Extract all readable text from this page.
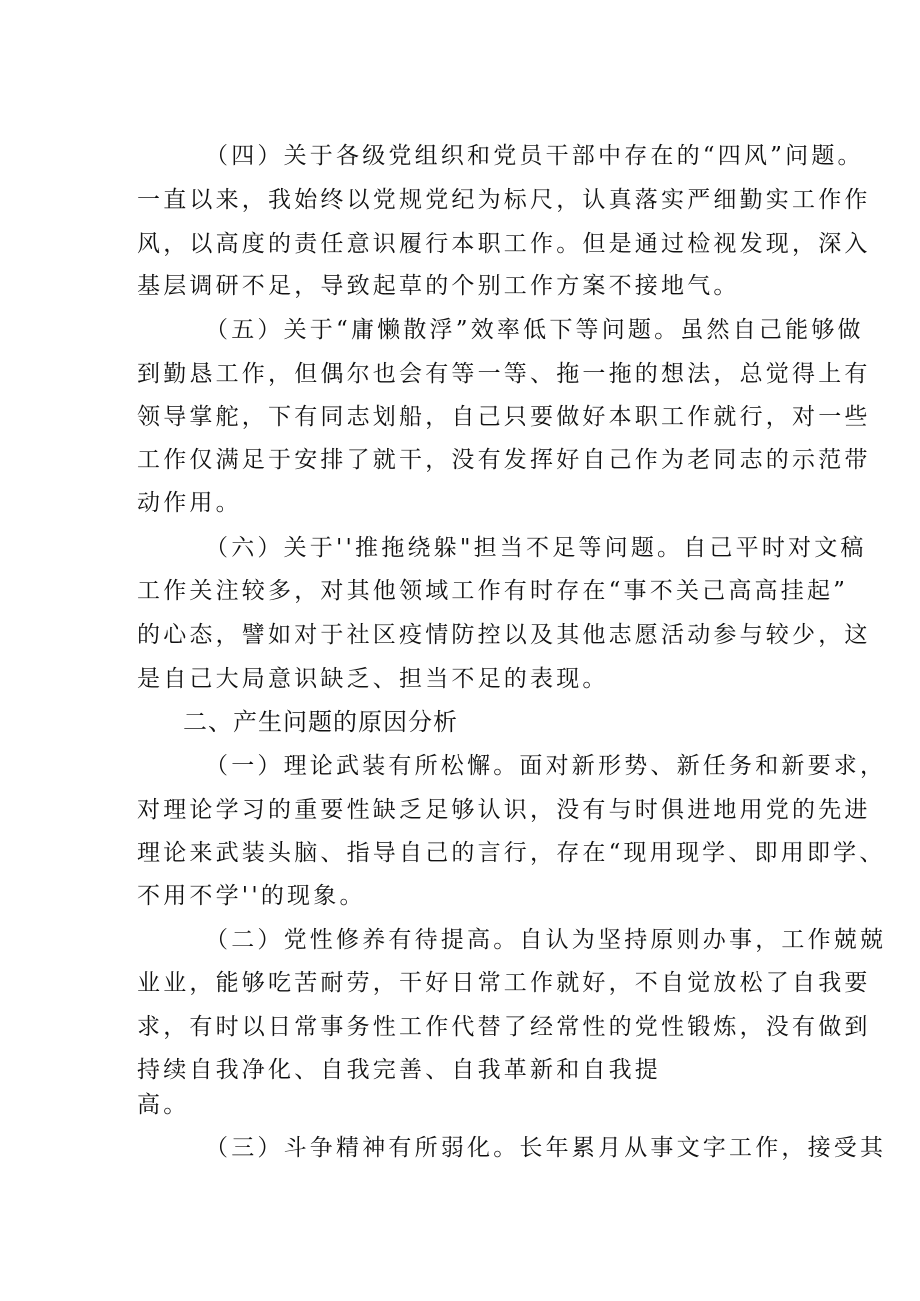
（四）关于各级党组织和党员干部中存在的“四风”问题。
一直以来，我始终以党规党纪为标尺，认真落实严细勤实工作作
风，以高度的责任意识履行本职工作。但是通过检视发现，深入
基层调研不足，导致起草的个别工作方案不接地气。
（五）关于“庸懒散浮”效率低下等问题。虽然自己能够做
到勤恳工作，但偶尔也会有等一等、拖一拖的想法，总觉得上有
领导掌舵，下有同志划船，自己只要做好本职工作就行，对一些
工作仅满足于安排了就干，没有发挥好自己作为老同志的示范带
动作用。
（六）关于''推拖绕躲"担当不足等问题。自己平时对文稿
工作关注较多，对其他领域工作有时存在“事不关己高高挂起”
的心态，譬如对于社区疫情防控以及其他志愿活动参与较少，这
是自己大局意识缺乏、担当不足的表现。
二、产生问题的原因分析
（一）理论武装有所松懈。面对新形势、新任务和新要求，
对理论学习的重要性缺乏足够认识，没有与时俱进地用党的先进
理论来武装头脑、指导自己的言行，存在“现用现学、即用即学、
不用不学''的现象。
（二）党性修养有待提高。自认为坚持原则办事，工作兢兢
业业，能够吃苦耐劳，干好日常工作就好，不自觉放松了自我要
求，有时以日常事务性工作代替了经常性的党性锻炼，没有做到
持续自我净化、自我完善、自我革新和自我提
高。
（三）斗争精神有所弱化。长年累月从事文字工作，接受其
